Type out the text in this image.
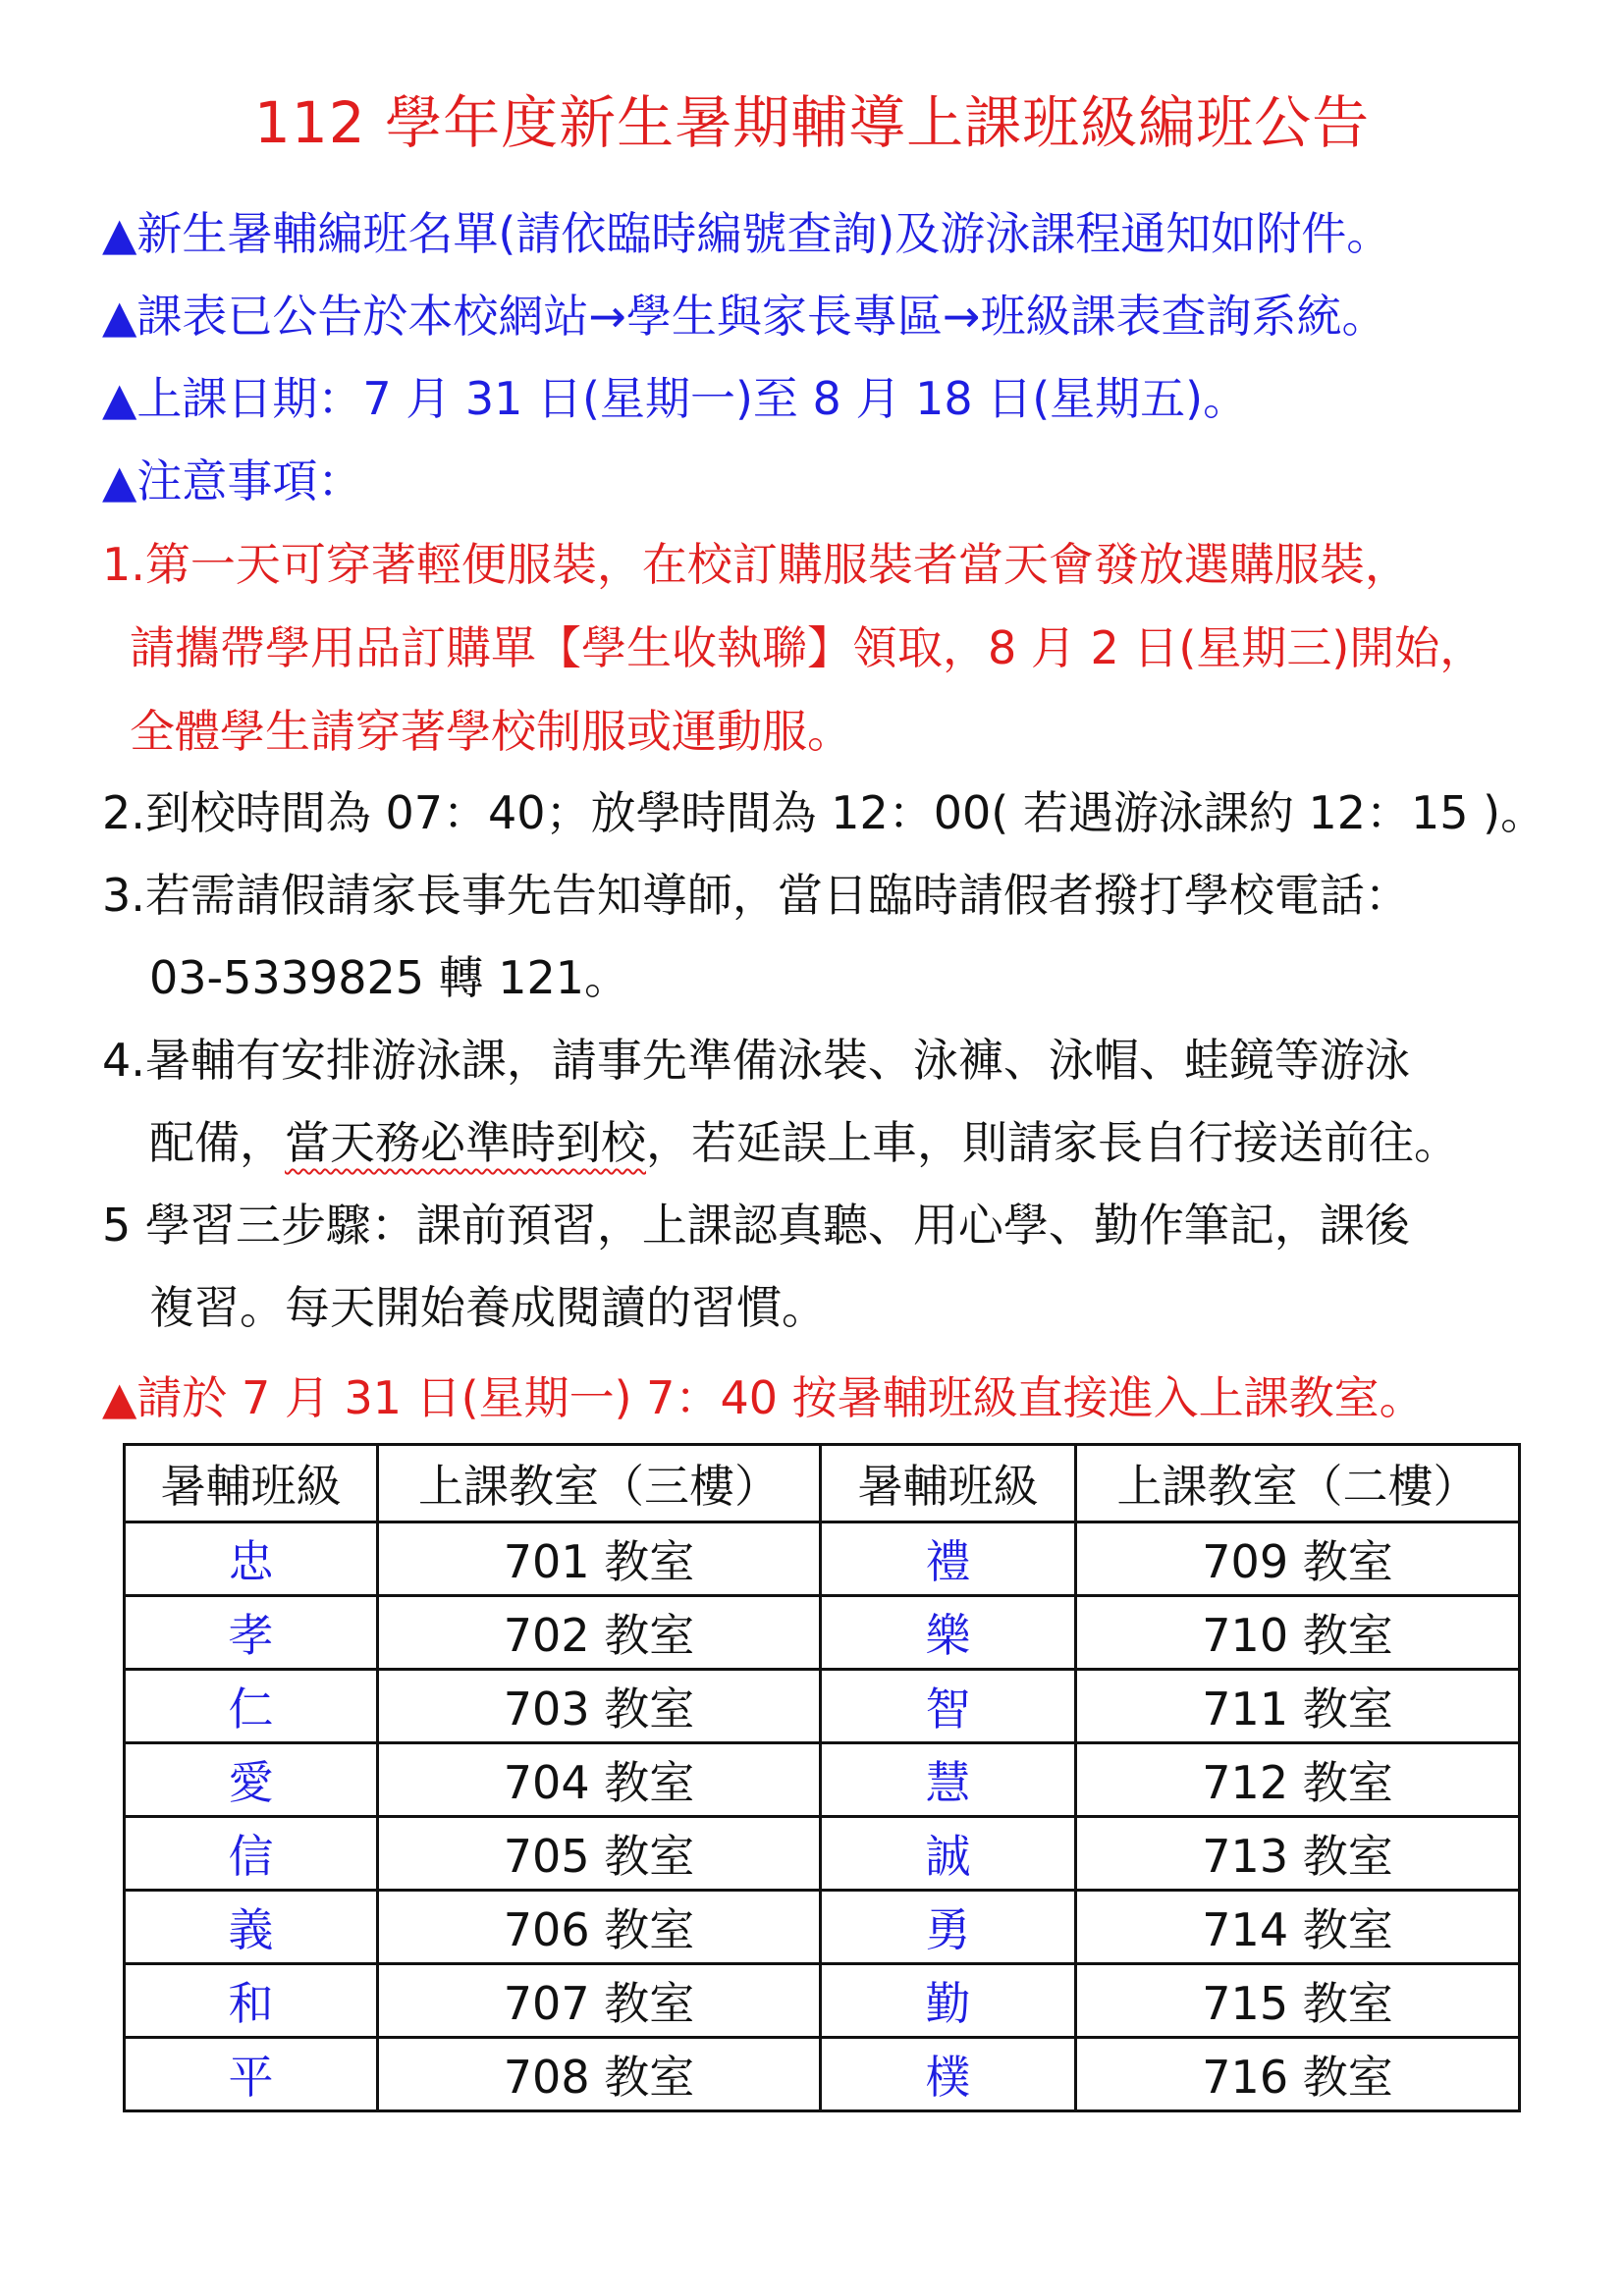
112 學年度新生暑期輔導上課班級編班公告
▲新生暑輔編班名單(請依臨時編號查詢)及游泳課程通知如附件。
▲課表已公告於本校網站→學生與家長專區→班級課表查詢系統。
▲上課日期：7 月 31 日(星期一)至 8 月 18 日(星期五)。
▲注意事項：
1.第一天可穿著輕便服裝，在校訂購服裝者當天會發放選購服裝，
請攜帶學用品訂購單【學生收執聯】領取，8 月 2 日(星期三)開始，
全體學生請穿著學校制服或運動服。
2.到校時間為 07：40；放學時間為 12：00( 若遇游泳課約 12：15 )。
3.若需請假請家長事先告知導師，當日臨時請假者撥打學校電話：
03-5339825 轉 121。
4.暑輔有安排游泳課，請事先準備泳裝、泳褲、泳帽、蛙鏡等游泳
配備，當天務必準時到校，若延誤上車，則請家長自行接送前往。
5 學習三步驟：課前預習，上課認真聽、用心學、勤作筆記，課後
複習。每天開始養成閱讀的習慣。
▲請於 7 月 31 日(星期一) 7：40 按暑輔班級直接進入上課教室。
暑輔班級	上課教室（三樓）	暑輔班級	上課教室（二樓）
忠	701 教室	禮	709 教室
孝	702 教室	樂	710 教室
仁	703 教室	智	711 教室
愛	704 教室	慧	712 教室
信	705 教室	誠	713 教室
義	706 教室	勇	714 教室
和	707 教室	勤	715 教室
平	708 教室	樸	716 教室
